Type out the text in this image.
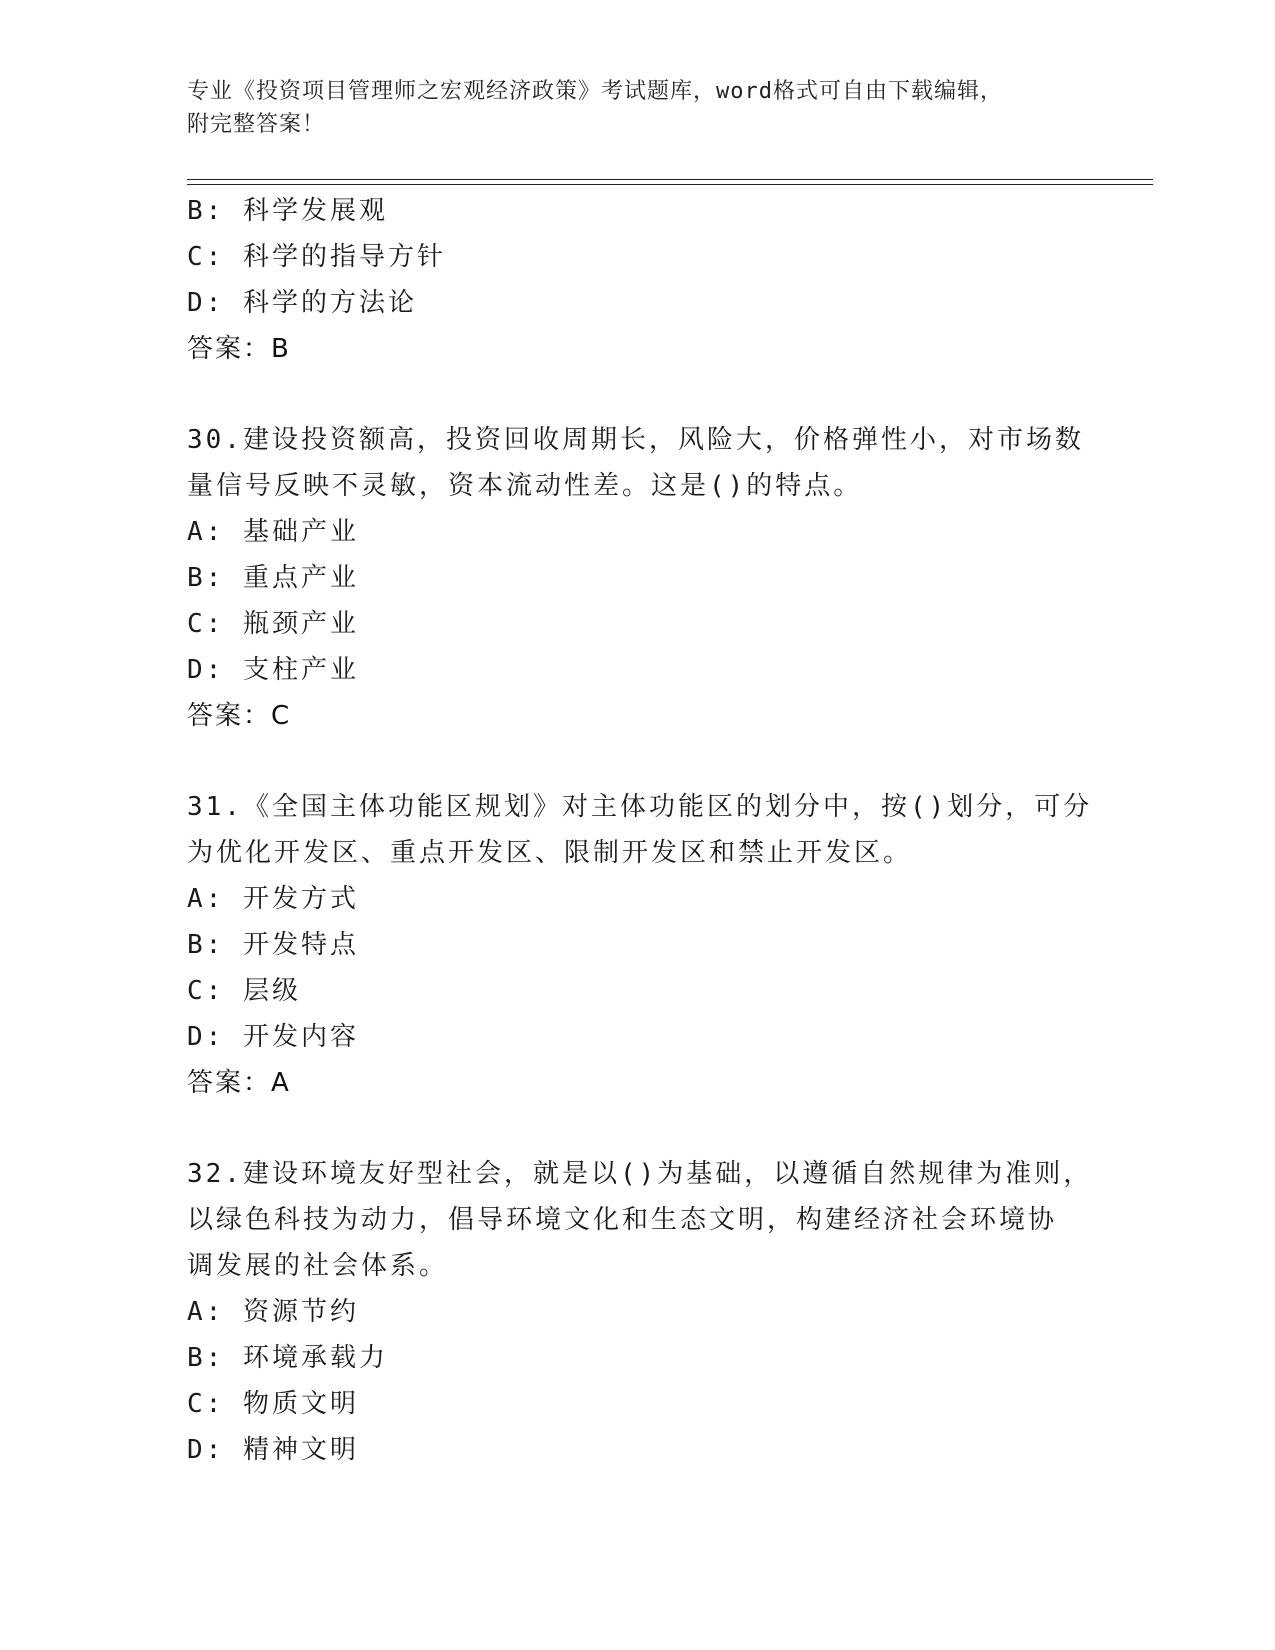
专业《投资项目管理师之宏观经济政策》考试题库，word格式可自由下载编辑，
附完整答案！
B: 科学发展观
C: 科学的指导方针
D: 科学的方法论
答案：B
30.建设投资额高，投资回收周期长，风险大，价格弹性小，对市场数
量信号反映不灵敏，资本流动性差。这是()的特点。
A: 基础产业
B: 重点产业
C: 瓶颈产业
D: 支柱产业
答案：C
31.《全国主体功能区规划》对主体功能区的划分中，按()划分，可分
为优化开发区、重点开发区、限制开发区和禁止开发区。
A: 开发方式
B: 开发特点
C: 层级
D: 开发内容
答案：A
32.建设环境友好型社会，就是以()为基础，以遵循自然规律为准则，
以绿色科技为动力，倡导环境文化和生态文明，构建经济社会环境协
调发展的社会体系。
A: 资源节约
B: 环境承载力
C: 物质文明
D: 精神文明
